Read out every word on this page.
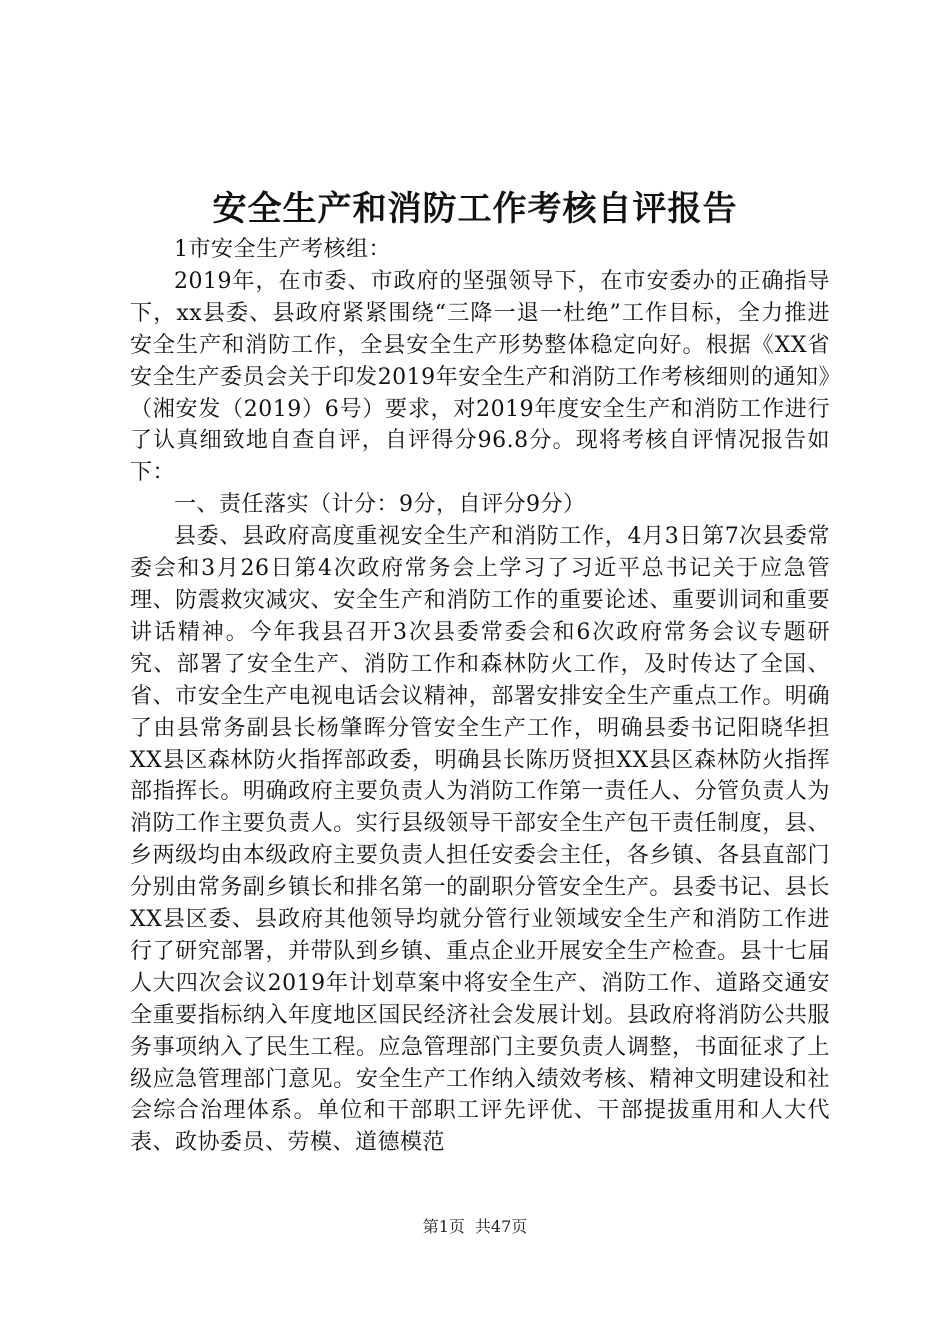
安全生产和消防工作考核自评报告

1市安全生产考核组：

2019年，在市委、市政府的坚强领导下，在市安委办的正确指导下，xx县委、县政府紧紧围绕“三降一退一杜绝”工作目标，全力推进安全生产和消防工作，全县安全生产形势整体稳定向好。根据《XX省安全生产委员会关于印发2019年安全生产和消防工作考核细则的通知》（湘安发（2019）6号）要求，对2019年度安全生产和消防工作进行了认真细致地自查自评，自评得分96.8分。现将考核自评情况报告如下：

一、责任落实（计分：9分，自评分9分）

县委、县政府高度重视安全生产和消防工作，4月3日第7次县委常委会和3月26日第4次政府常务会上学习了习近平总书记关于应急管理、防震救灾减灾、安全生产和消防工作的重要论述、重要训词和重要讲话精神。今年我县召开3次县委常委会和6次政府常务会议专题研究、部署了安全生产、消防工作和森林防火工作，及时传达了全国、省、市安全生产电视电话会议精神，部署安排安全生产重点工作。明确了由县常务副县长杨肇晖分管安全生产工作，明确县委书记阳晓华担XX县区森林防火指挥部政委，明确县长陈历贤担XX县区森林防火指挥部指挥长。明确政府主要负责人为消防工作第一责任人、分管负责人为消防工作主要负责人。实行县级领导干部安全生产包干责任制度，县、乡两级均由本级政府主要负责人担任安委会主任，各乡镇、各县直部门分别由常务副乡镇长和排名第一的副职分管安全生产。县委书记、县长XX县区委、县政府其他领导均就分管行业领域安全生产和消防工作进行了研究部署，并带队到乡镇、重点企业开展安全生产检查。县十七届人大四次会议2019年计划草案中将安全生产、消防工作、道路交通安全重要指标纳入年度地区国民经济社会发展计划。县政府将消防公共服务事项纳入了民生工程。应急管理部门主要负责人调整，书面征求了上级应急管理部门意见。安全生产工作纳入绩效考核、精神文明建设和社会综合治理体系。单位和干部职工评先评优、干部提拔重用和人大代表、政协委员、劳模、道德模范

第1页 共47页
